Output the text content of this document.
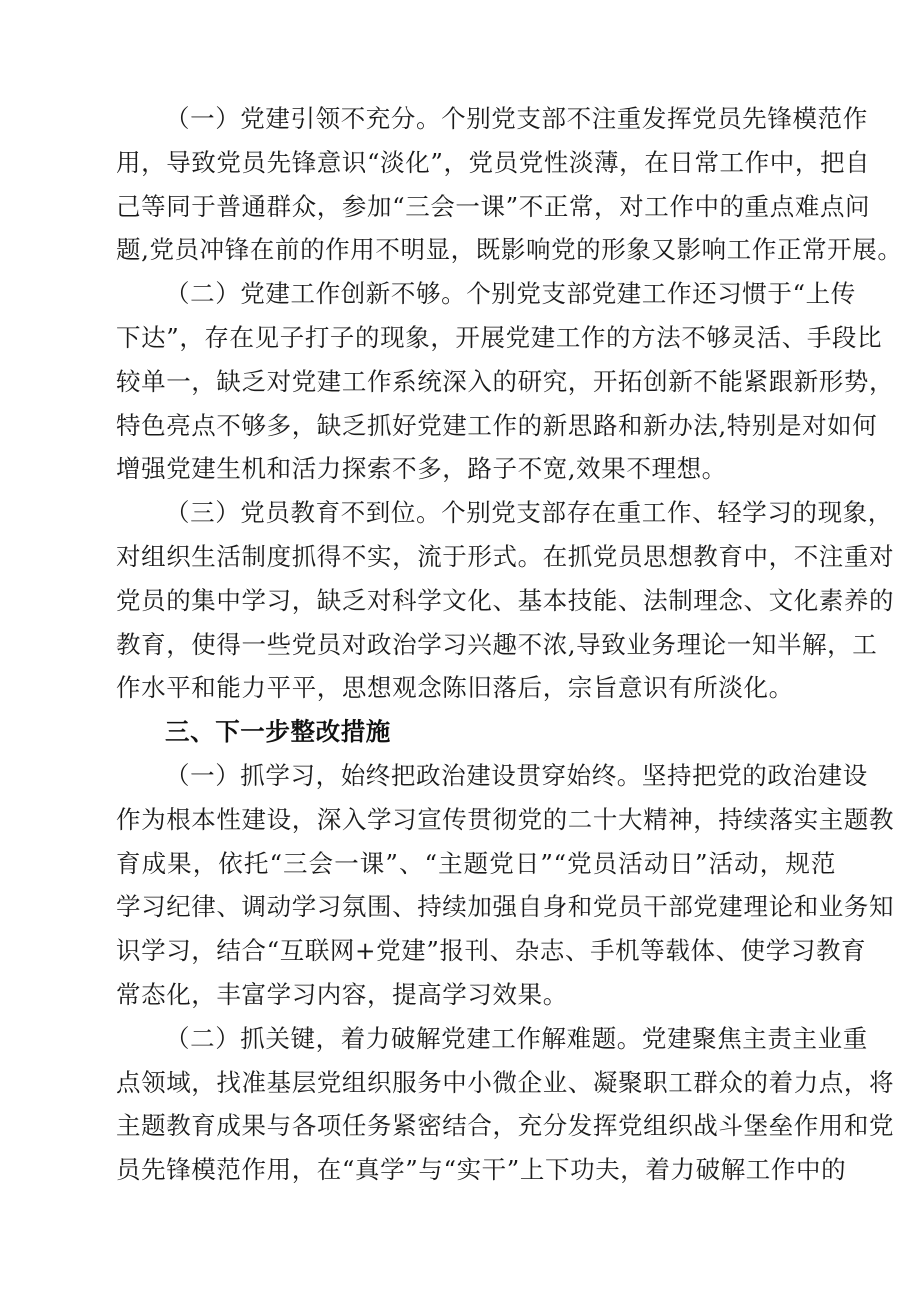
（一）党建引领不充分。个别党支部不注重发挥党员先锋模范作
用，导致党员先锋意识“淡化”，党员党性淡薄，在日常工作中，把自
己等同于普通群众，参加“三会一课”不正常，对工作中的重点难点问
题,党员冲锋在前的作用不明显，既影响党的形象又影响工作正常开展。
（二）党建工作创新不够。个别党支部党建工作还习惯于“上传
下达”，存在见子打子的现象，开展党建工作的方法不够灵活、手段比
较单一，缺乏对党建工作系统深入的研究，开拓创新不能紧跟新形势，
特色亮点不够多，缺乏抓好党建工作的新思路和新办法,特别是对如何
增强党建生机和活力探索不多，路子不宽,效果不理想。
（三）党员教育不到位。个别党支部存在重工作、轻学习的现象，
对组织生活制度抓得不实，流于形式。在抓党员思想教育中，不注重对
党员的集中学习，缺乏对科学文化、基本技能、法制理念、文化素养的
教育，使得一些党员对政治学习兴趣不浓,导致业务理论一知半解，工
作水平和能力平平，思想观念陈旧落后，宗旨意识有所淡化。
三、下一步整改措施
（一）抓学习，始终把政治建设贯穿始终。坚持把党的政治建设
作为根本性建设，深入学习宣传贯彻党的二十大精神，持续落实主题教
育成果，依托“三会一课”、“主题党日”“党员活动日”活动，规范
学习纪律、调动学习氛围、持续加强自身和党员干部党建理论和业务知
识学习，结合“互联网+党建”报刊、杂志、手机等载体、使学习教育
常态化，丰富学习内容，提高学习效果。
（二）抓关键，着力破解党建工作解难题。党建聚焦主责主业重
点领域，找准基层党组织服务中小微企业、凝聚职工群众的着力点，将
主题教育成果与各项任务紧密结合，充分发挥党组织战斗堡垒作用和党
员先锋模范作用，在“真学”与“实干”上下功夫，着力破解工作中的
